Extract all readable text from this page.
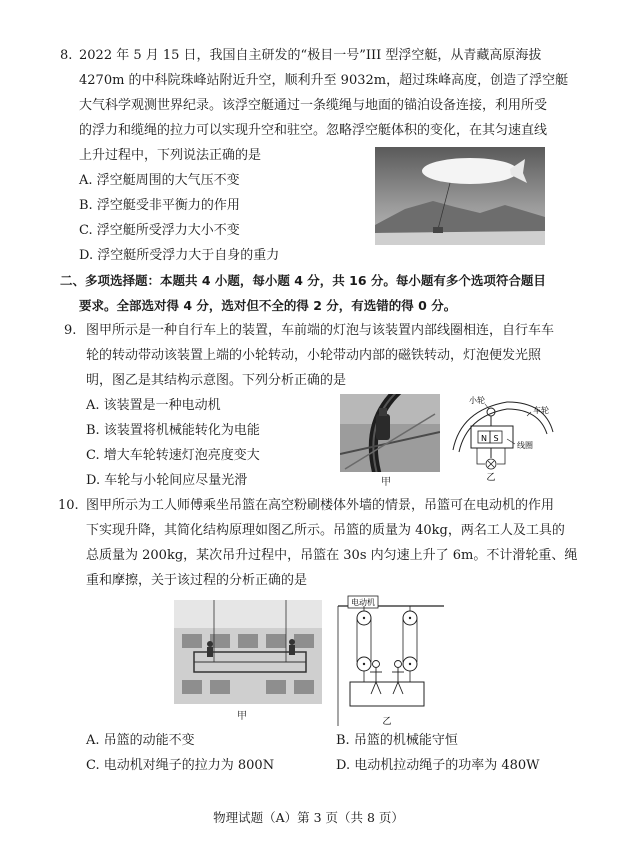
8. 2022 年 5 月 15 日，我国自主研发的“极目一号”III 型浮空艇，从青藏高原海拔
4270m 的中科院珠峰站附近升空，顺利升至 9032m，超过珠峰高度，创造了浮空艇
大气科学观测世界纪录。该浮空艇通过一条缆绳与地面的锚泊设备连接，利用所受
的浮力和缆绳的拉力可以实现升空和驻空。忽略浮空艇体积的变化，在其匀速直线
上升过程中，下列说法正确的是
A. 浮空艇周围的大气压不变
B. 浮空艇受非平衡力的作用
C. 浮空艇所受浮力大小不变
D. 浮空艇所受浮力大于自身的重力
二、多项选择题：本题共 4 小题，每小题 4 分，共 16 分。每小题有多个选项符合题目
要求。全部选对得 4 分，选对但不全的得 2 分，有选错的得 0 分。
9. 图甲所示是一种自行车上的装置，车前端的灯泡与该装置内部线圈相连，自行车车
轮的转动带动该装置上端的小轮转动，小轮带动内部的磁铁转动，灯泡便发光照
明，图乙是其结构示意图。下列分析正确的是
A. 该装置是一种电动机
B. 该装置将机械能转化为电能
C. 增大车轮转速灯泡亮度变大
D. 车轮与小轮间应尽量光滑	甲
N S
小轮
车轮
线圈
乙
10. 图甲所示为工人师傅乘坐吊篮在高空粉刷楼体外墙的情景，吊篮可在电动机的作用
下实现升降，其简化结构原理如图乙所示。吊篮的质量为 40kg，两名工人及工具的
总质量为 200kg，某次吊升过程中，吊篮在 30s 内匀速上升了 6m。不计滑轮重、绳
重和摩擦，关于该过程的分析正确的是
甲
电动机
乙
A. 吊篮的动能不变	B. 吊篮的机械能守恒
C. 电动机对绳子的拉力为 800N	D. 电动机拉动绳子的功率为 480W
物理试题（A）第 3 页（共 8 页）
